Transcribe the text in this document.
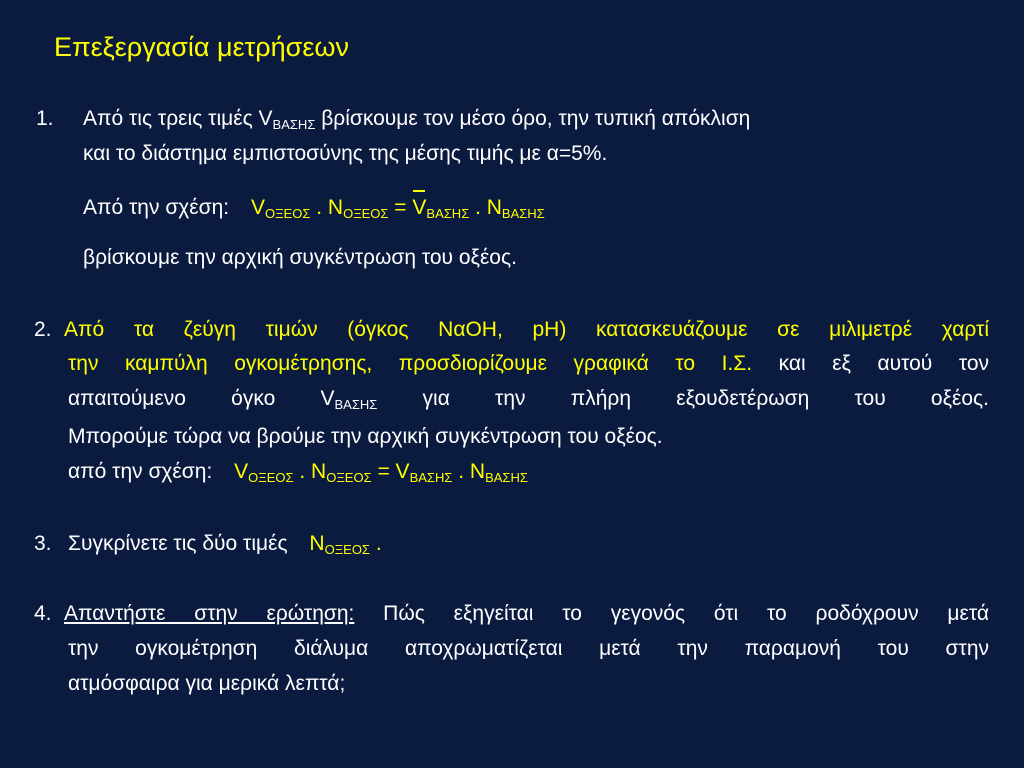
Επεξεργασία μετρήσεων
1. Από τις τρεις τιμές $V_{BA\Sigma H\Sigma}$ βρίσκουμε τον μέσο όρο, την τυπική απόκλιση
και το διάστημα εμπιστοσύνης της μέσης τιμής με α=5%.
Από την σχέση: $V_{O\Xi EO\Sigma}$ . $N_{O\Xi EO\Sigma} = V_{BA\Sigma H\Sigma}$ . $N_{BA\Sigma H\Sigma}$
βρίσκουμε την αρχική συγκέντρωση του οξέος.
2. Από τα ζεύγη τιμών (όγκος ΝαΟΗ, pH) κατασκευάζουμε σε μιλιμετρέ χαρτί
την καμπύλη ογκομέτρησης, προσδιορίζουμε γραφικά το Ι.Σ. και εξ αυτού τον
απαιτούμενο όγκο $V_{BA\Sigma H\Sigma}$ για την πλήρη εξουδετέρωση του οξέος.
Μπορούμε τώρα να βρούμε την αρχική συγκέντρωση του οξέος.
από την σχέση: $V_{O\Xi EO\Sigma}$ . $N_{O\Xi EO\Sigma} = V_{BA\Sigma H\Sigma}$ . $N_{BA\Sigma H\Sigma}$
3. Συγκρίνετε τις δύο τιμές $N_{O\Xi EO\Sigma}$ .
4. Απαντήστε στην ερώτηση: Πώς εξηγείται το γεγονός ότι το ροδόχρουν μετά
την ογκομέτρηση διάλυμα αποχρωματίζεται μετά την παραμονή του στην
ατμόσφαιρα για μερικά λεπτά;
